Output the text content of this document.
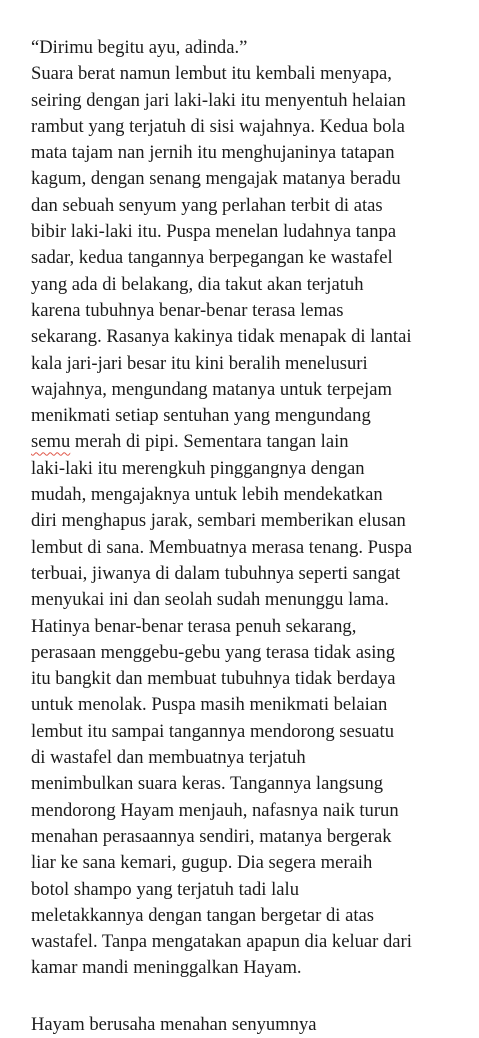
“Dirimu begitu ayu, adinda.”
Suara berat namun lembut itu kembali menyapa,
seiring dengan jari laki-laki itu menyentuh helaian
rambut yang terjatuh di sisi wajahnya. Kedua bola
mata tajam nan jernih itu menghujaninya tatapan
kagum, dengan senang mengajak matanya beradu
dan sebuah senyum yang perlahan terbit di atas
bibir laki-laki itu. Puspa menelan ludahnya tanpa
sadar, kedua tangannya berpegangan ke wastafel
yang ada di belakang, dia takut akan terjatuh
karena tubuhnya benar-benar terasa lemas
sekarang. Rasanya kakinya tidak menapak di lantai
kala jari-jari besar itu kini beralih menelusuri
wajahnya, mengundang matanya untuk terpejam
menikmati setiap sentuhan yang mengundang
semu merah di pipi. Sementara tangan lain
laki-laki itu merengkuh pinggangnya dengan
mudah, mengajaknya untuk lebih mendekatkan
diri menghapus jarak, sembari memberikan elusan
lembut di sana. Membuatnya merasa tenang. Puspa
terbuai, jiwanya di dalam tubuhnya seperti sangat
menyukai ini dan seolah sudah menunggu lama.
Hatinya benar-benar terasa penuh sekarang,
perasaan menggebu-gebu yang terasa tidak asing
itu bangkit dan membuat tubuhnya tidak berdaya
untuk menolak. Puspa masih menikmati belaian
lembut itu sampai tangannya mendorong sesuatu
di wastafel dan membuatnya terjatuh
menimbulkan suara keras. Tangannya langsung
mendorong Hayam menjauh, nafasnya naik turun
menahan perasaannya sendiri, matanya bergerak
liar ke sana kemari, gugup. Dia segera meraih
botol shampo yang terjatuh tadi lalu
meletakkannya dengan tangan bergetar di atas
wastafel. Tanpa mengatakan apapun dia keluar dari
kamar mandi meninggalkan Hayam.
Hayam berusaha menahan senyumnya
